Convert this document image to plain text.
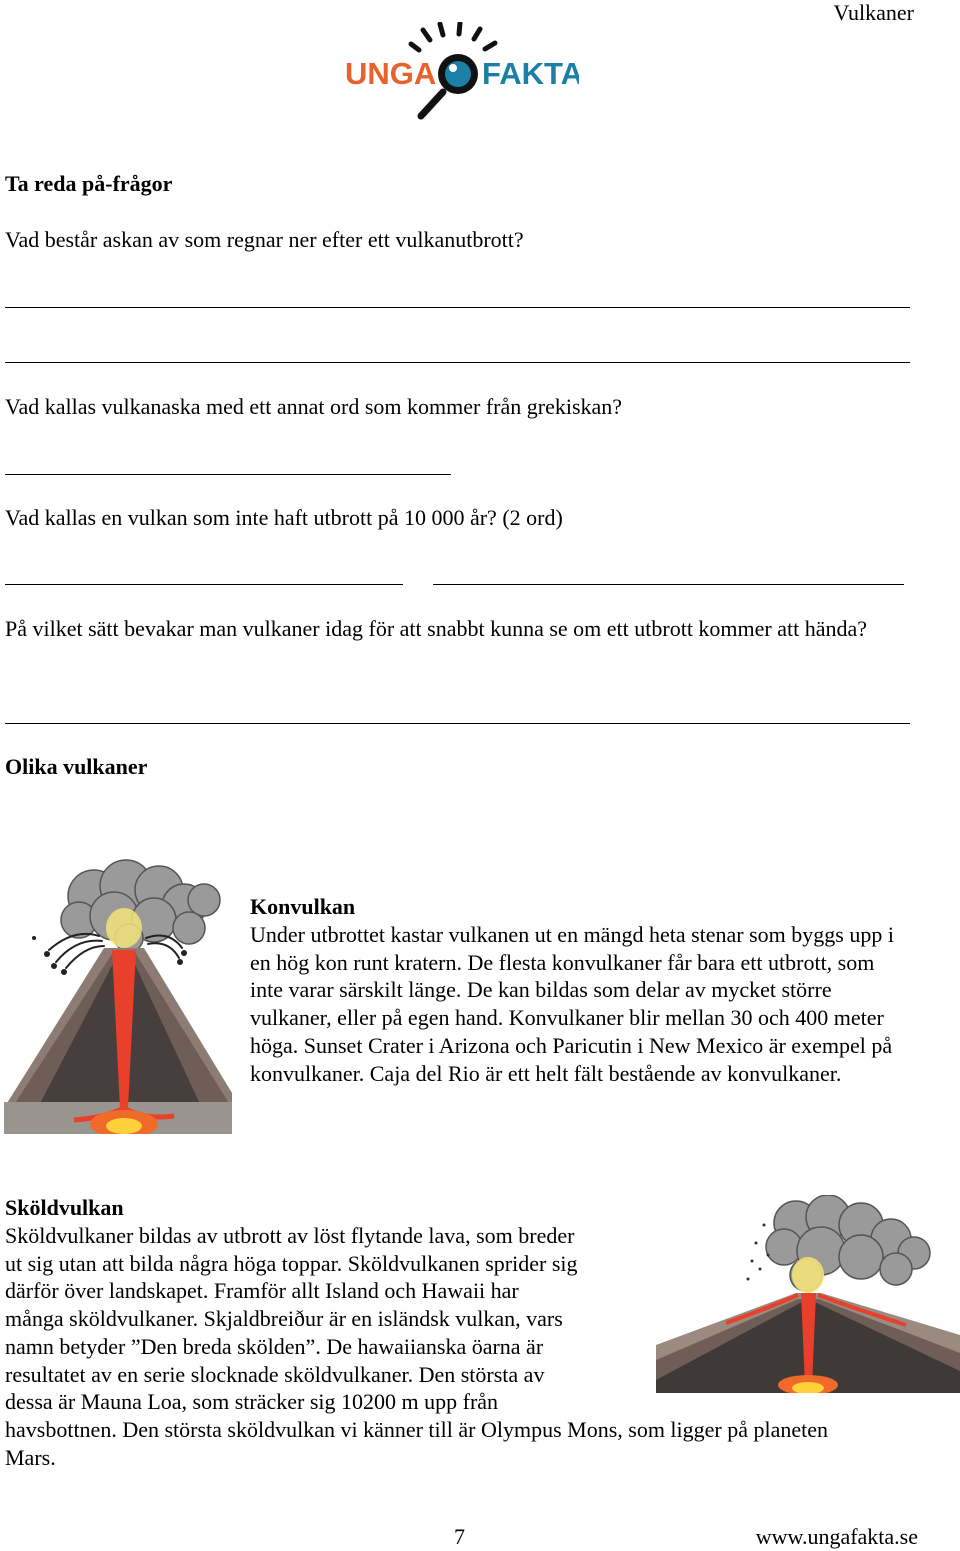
Vulkaner
UNGA FAKTA
Ta reda på-frågor
Vad består askan av som regnar ner efter ett vulkanutbrott?
Vad kallas vulkanaska med ett annat ord som kommer från grekiskan?
Vad kallas en vulkan som inte haft utbrott på 10 000 år? (2 ord)
På vilket sätt bevakar man vulkaner idag för att snabbt kunna se om ett utbrott kommer att hända?
Olika vulkaner
Konvulkan
Under utbrottet kastar vulkanen ut en mängd heta stenar som byggs upp i en hög kon runt kratern. De flesta konvulkaner får bara ett utbrott, som inte varar särskilt länge. De kan bildas som delar av mycket större vulkaner, eller på egen hand. Konvulkaner blir mellan 30 och 400 meter höga. Sunset Crater i Arizona och Paricutin i New Mexico är exempel på konvulkaner. Caja del Rio är ett helt fält bestående av konvulkaner.
Sköldvulkan
Sköldvulkaner bildas av utbrott av löst flytande lava, som breder
ut sig utan att bilda några höga toppar. Sköldvulkanen sprider sig
därför över landskapet. Framför allt Island och Hawaii har
många sköldvulkaner. Skjaldbreiður är en isländsk vulkan, vars
namn betyder ”Den breda skölden”. De hawaiianska öarna är
resultatet av en serie slocknade sköldvulkaner. Den största av
dessa är Mauna Loa, som sträcker sig 10200 m upp från
havsbottnen. Den största sköldvulkan vi känner till är Olympus Mons, som ligger på planeten
Mars.
7	www.ungafakta.se
